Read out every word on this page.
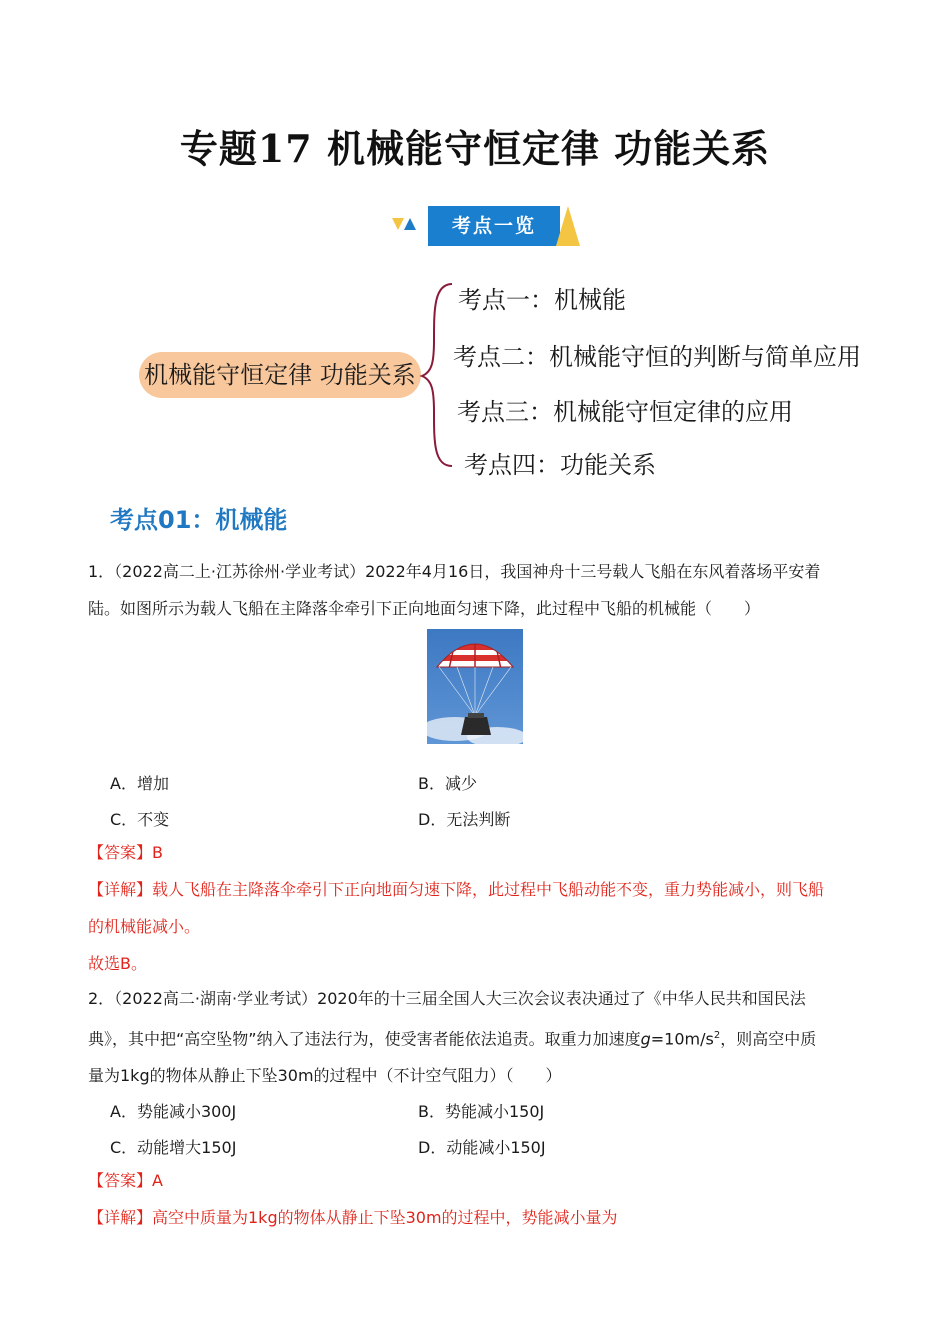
专题17 机械能守恒定律 功能关系
考点一览
机械能守恒定律 功能关系
考点一：机械能
考点二：机械能守恒的判断与简单应用
考点三：机械能守恒定律的应用
考点四：功能关系
考点01：机械能
1．（2022高二上·江苏徐州·学业考试）2022年4月16日，我国神舟十三号载人飞船在东风着落场平安着
陆。如图所示为载人飞船在主降落伞牵引下正向地面匀速下降，此过程中飞船的机械能（　　）
A．增加	B．减少
C．不变	D．无法判断
【答案】B
【详解】载人飞船在主降落伞牵引下正向地面匀速下降，此过程中飞船动能不变，重力势能减小，则飞船
的机械能减小。
故选B。
2．（2022高二·湖南·学业考试）2020年的十三届全国人大三次会议表决通过了《中华人民共和国民法
典》，其中把“高空坠物”纳入了违法行为，使受害者能依法追责。取重力加速度$g=10m/s^2$，则高空中质
量为1kg的物体从静止下坠30m的过程中（不计空气阻力）（　　）
A．势能减小300J	B．势能减小150J
C．动能增大150J	D．动能减小150J
【答案】A
【详解】高空中质量为1kg的物体从静止下坠30m的过程中，势能减小量为
